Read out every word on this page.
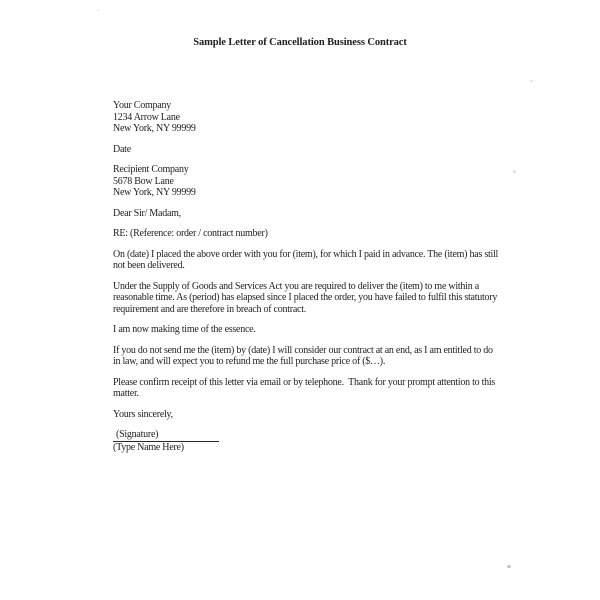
Sample Letter of Cancellation Business Contract
Your Company
1234 Arrow Lane
New York, NY 99999
Date
Recipient Company
5678 Bow Lane
New York, NY 99999
Dear Sir/ Madam,
RE: (Reference: order / contract number)
On (date) I placed the above order with you for (item), for which I paid in advance. The (item) has still
not been delivered.
Under the Supply of Goods and Services Act you are required to deliver the (item) to me within a
reasonable time. As (period) has elapsed since I placed the order, you have failed to fulfil this statutory
requirement and are therefore in breach of contract.
I am now making time of the essence.
If you do not send me the (item) by (date) I will consider our contract at an end, as I am entitled to do
in law, and will expect you to refund me the full purchase price of ($…).
Please confirm receipt of this letter via email or by telephone.  Thank for your prompt attention to this
matter.
Yours sincerely,
(Signature)
(Type Name Here)
